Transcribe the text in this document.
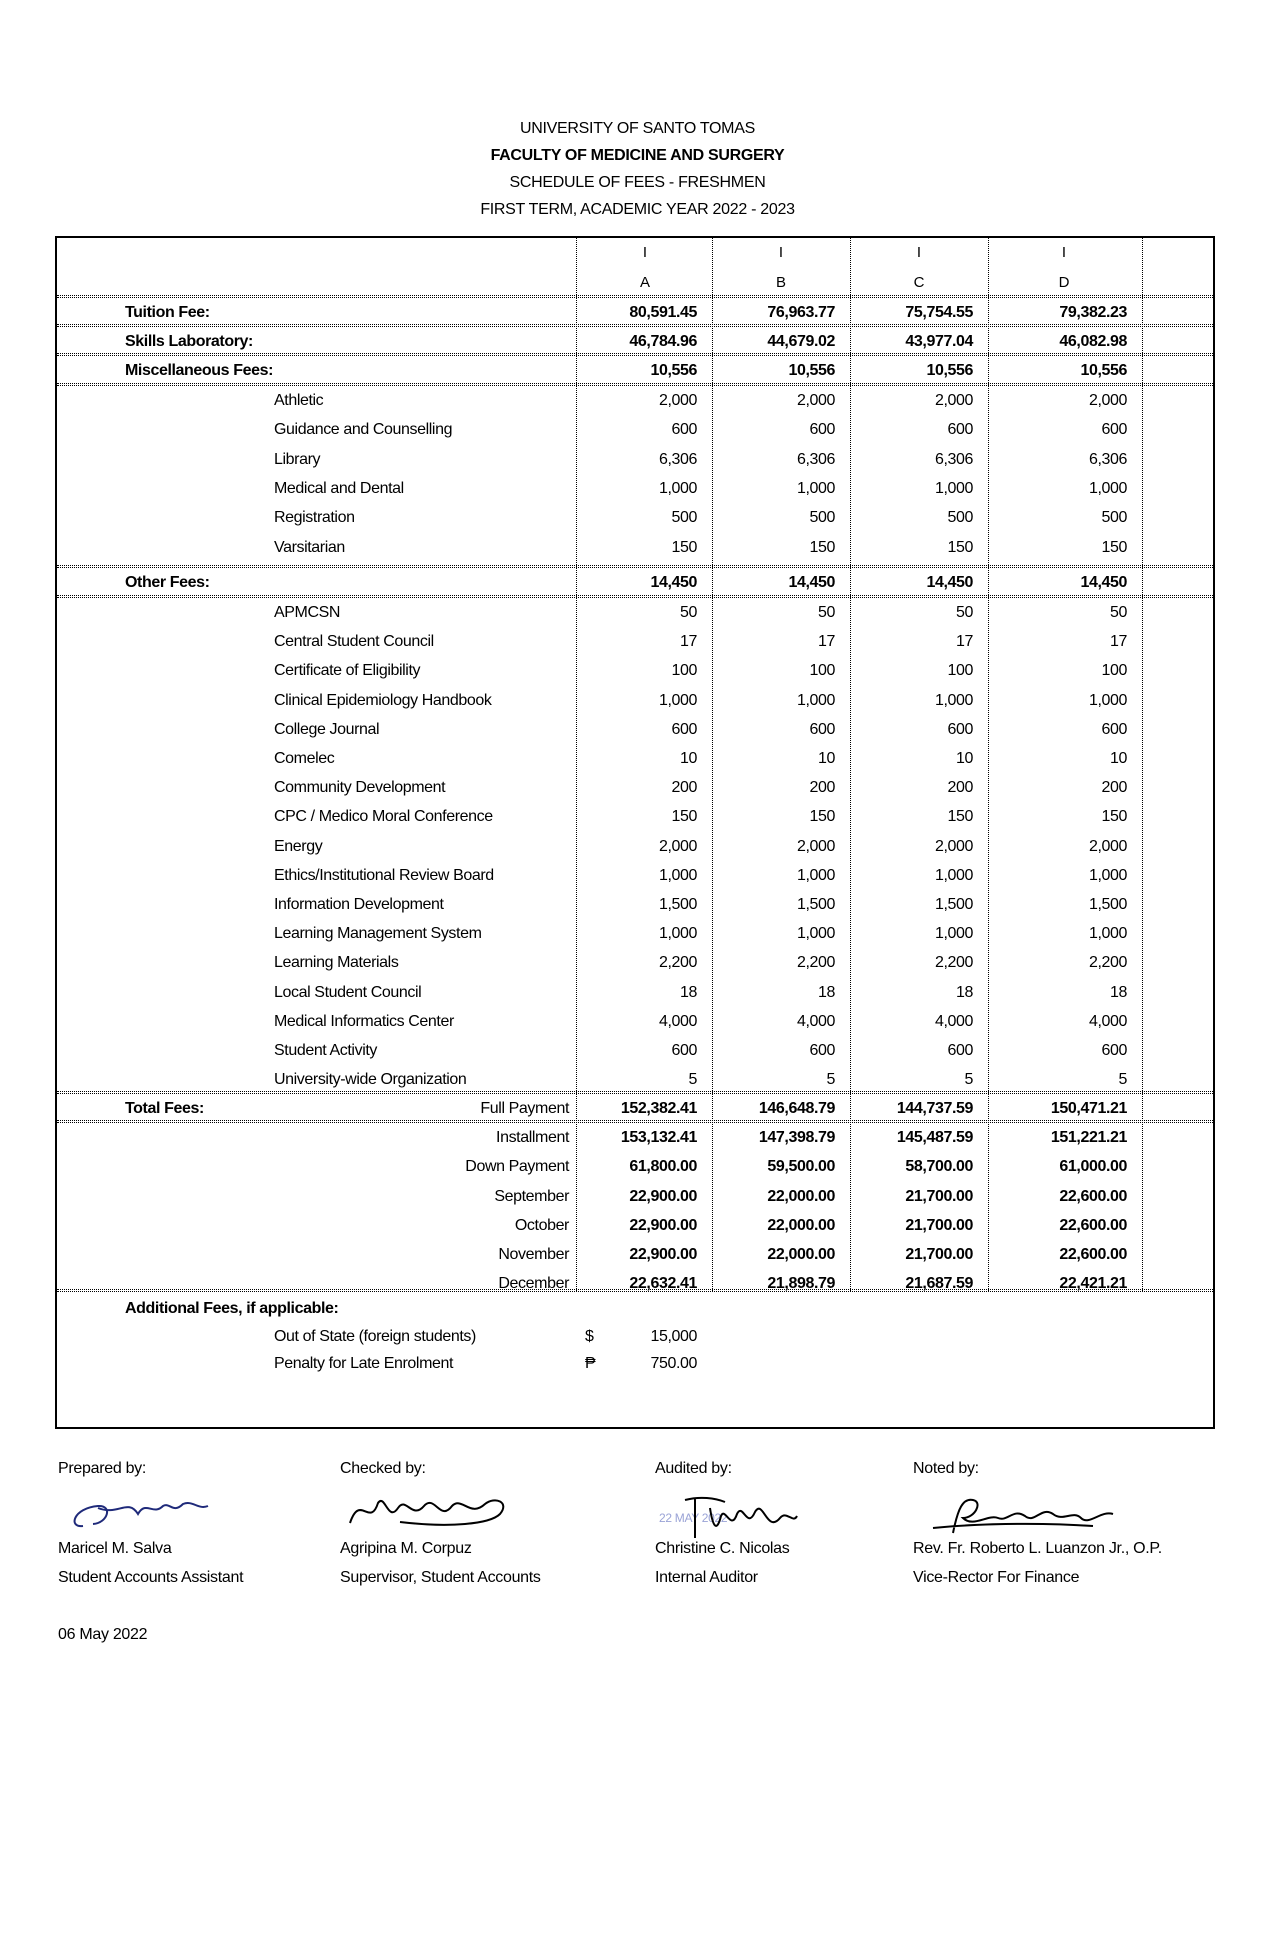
UNIVERSITY OF SANTO TOMAS
FACULTY OF MEDICINE AND SURGERY
SCHEDULE OF FEES - FRESHMEN
FIRST TERM, ACADEMIC YEAR 2022 - 2023
I	I	I	I
A	B	C	D
Tuition Fee:	80,591.45	76,963.77	75,754.55	79,382.23
Skills Laboratory:	46,784.96	44,679.02	43,977.04	46,082.98
Miscellaneous Fees:	10,556	10,556	10,556	10,556
Athletic	2,000	2,000	2,000	2,000
Guidance and Counselling	600	600	600	600
Library	6,306	6,306	6,306	6,306
Medical and Dental	1,000	1,000	1,000	1,000
Registration	500	500	500	500
Varsitarian	150	150	150	150
Other Fees:	14,450	14,450	14,450	14,450
APMCSN	50	50	50	50
Central Student Council	17	17	17	17
Certificate of Eligibility	100	100	100	100
Clinical Epidemiology Handbook	1,000	1,000	1,000	1,000
College Journal	600	600	600	600
Comelec	10	10	10	10
Community Development	200	200	200	200
CPC / Medico Moral Conference	150	150	150	150
Energy	2,000	2,000	2,000	2,000
Ethics/Institutional Review Board	1,000	1,000	1,000	1,000
Information Development	1,500	1,500	1,500	1,500
Learning Management System	1,000	1,000	1,000	1,000
Learning Materials	2,200	2,200	2,200	2,200
Local Student Council	18	18	18	18
Medical Informatics Center	4,000	4,000	4,000	4,000
Student Activity	600	600	600	600
University-wide Organization	5	5	5	5
Total Fees:	Full Payment	152,382.41	146,648.79	144,737.59	150,471.21
Installment	153,132.41	147,398.79	145,487.59	151,221.21
Down Payment	61,800.00	59,500.00	58,700.00	61,000.00
September	22,900.00	22,000.00	21,700.00	22,600.00
October	22,900.00	22,000.00	21,700.00	22,600.00
November	22,900.00	22,000.00	21,700.00	22,600.00
December	22,632.41	21,898.79	21,687.59	22,421.21
Additional Fees, if applicable:
Out of State (foreign students)	$	15,000
Penalty for Late Enrolment	₱	750.00
Prepared by:
Maricel M. Salva
Student Accounts Assistant
Checked by:
Agripina M. Corpuz
Supervisor, Student Accounts
Audited by:
22 MAY 2022
Christine C. Nicolas
Internal Auditor
Noted by:
Rev. Fr. Roberto L. Luanzon Jr., O.P.
Vice-Rector For Finance
06 May 2022
